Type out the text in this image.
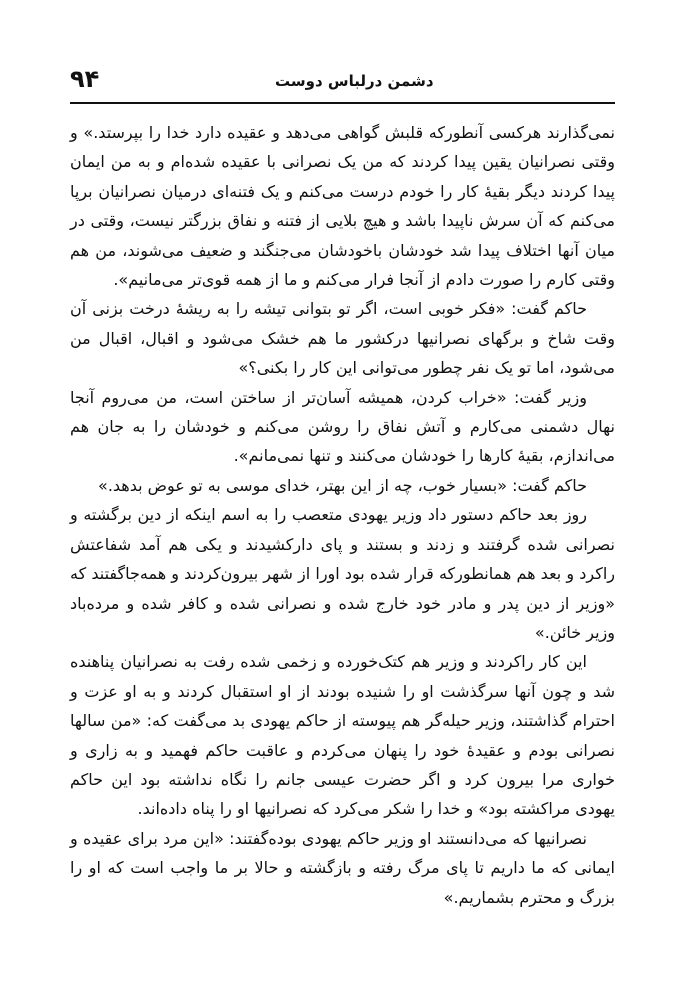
۹۴	دشمن درلباس دوست

نمی‌گذارند هرکسی آنطورکه قلبش گواهی می‌دهد و عقیده دارد خدا را بپرستد.» و وقتی نصرانیان یقین پیدا کردند که من یک نصرانی با عقیده شده‌ام و به من ایمان پیدا کردند دیگر بقیهٔ کار را خودم درست می‌کنم و یک فتنه‌ای درمیان نصرانیان برپا می‌کنم که آن سرش ناپیدا باشد و هیچ بلایی از فتنه و نفاق بزرگتر نیست، وقتی در میان آنها اختلاف پیدا شد خودشان باخودشان می‌جنگند و ضعیف می‌شوند، من هم وقتی کارم را صورت دادم از آنجا فرار می‌کنم و ما از همه قوی‌تر می‌مانیم».

حاکم گفت: «فکر خوبی است، اگر تو بتوانی تیشه را به ریشهٔ درخت بزنی آن وقت شاخ و برگهای نصرانیها درکشور ما هم خشک می‌شود و اقبال، اقبال من می‌شود، اما تو یک نفر چطور می‌توانی این کار را بکنی؟»

وزیر گفت: «خراب کردن، همیشه آسان‌تر از ساختن است، من می‌روم آنجا نهال دشمنی می‌کارم و آتش نفاق را روشن می‌کنم و خودشان را به جان هم می‌اندازم، بقیهٔ کارها را خودشان می‌کنند و تنها نمی‌مانم».

حاکم گفت: «بسیار خوب، چه از این بهتر، خدای موسی به تو عوض بدهد.»

روز بعد حاکم دستور داد وزیر یهودی متعصب را به اسم اینکه از دین برگشته و نصرانی شده گرفتند و زدند و بستند و پای دارکشیدند و یکی هم آمد شفاعتش راکرد و بعد هم همانطورکه قرار شده بود اورا از شهر بیرون‌کردند و همه‌جاگفتند که «وزیر از دین پدر و مادر خود خارج شده و نصرانی شده و کافر شده و مرده‌باد وزیر خائن.»

این کار راکردند و وزیر هم کتک‌خورده و زخمی شده رفت به نصرانیان پناهنده شد و چون آنها سرگذشت او را شنیده بودند از او استقبال کردند و به او عزت و احترام گذاشتند، وزیر حیله‌گر هم پیوسته از حاکم یهودی بد می‌گفت که: «من سالها نصرانی بودم و عقیدهٔ خود را پنهان می‌کردم و عاقبت حاکم فهمید و به زاری و خواری مرا بیرون کرد و اگر حضرت عیسی جانم را نگاه نداشته بود این حاکم یهودی مراکشته بود» و خدا را شکر می‌کرد که نصرانیها او را پناه داده‌اند.

نصرانیها که می‌دانستند او وزیر حاکم یهودی بوده‌گفتند: «این مرد برای عقیده و ایمانی که ما داریم تا پای مرگ رفته و بازگشته و حالا بر ما واجب است که او را بزرگ و محترم بشماریم.»
